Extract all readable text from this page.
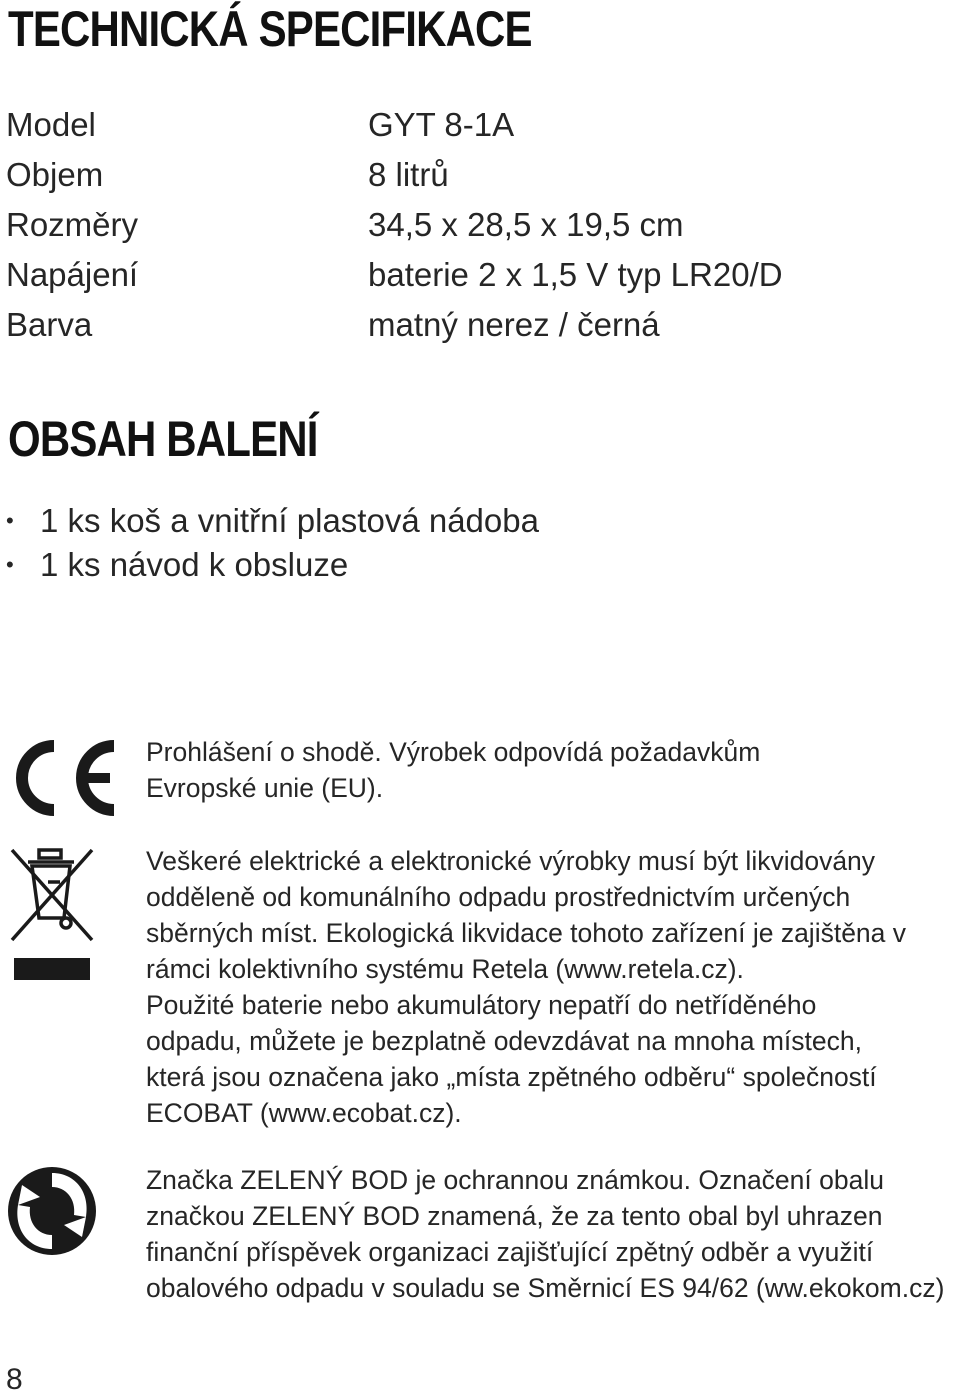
TECHNICKÁ SPECIFIKACE
Model	GYT 8-1A
Objem	8 litrů
Rozměry	34,5 x 28,5 x 19,5 cm
Napájení	baterie 2 x 1,5 V typ LR20/D
Barva	matný nerez / černá
OBSAH BALENÍ
• 1 ks koš a vnitřní plastová nádoba
• 1 ks návod k obsluze
Prohlášení o shodě. Výrobek odpovídá požadavkům
Evropské unie (EU).
Veškeré elektrické a elektronické výrobky musí být likvidovány
odděleně od komunálního odpadu prostřednictvím určených
sběrných míst. Ekologická likvidace tohoto zařízení je zajištěna v
rámci kolektivního systému Retela (www.retela.cz).
Použité baterie nebo akumulátory nepatří do netříděného
odpadu, můžete je bezplatně odevzdávat na mnoha místech,
která jsou označena jako „místa zpětného odběru“ společností
ECOBAT (www.ecobat.cz).
Značka ZELENÝ BOD je ochrannou známkou. Označení obalu
značkou ZELENÝ BOD znamená, že za tento obal byl uhrazen
finanční příspěvek organizaci zajišťující zpětný odběr a využití
obalového odpadu v souladu se Směrnicí ES 94/62 (ww.ekokom.cz)
8
